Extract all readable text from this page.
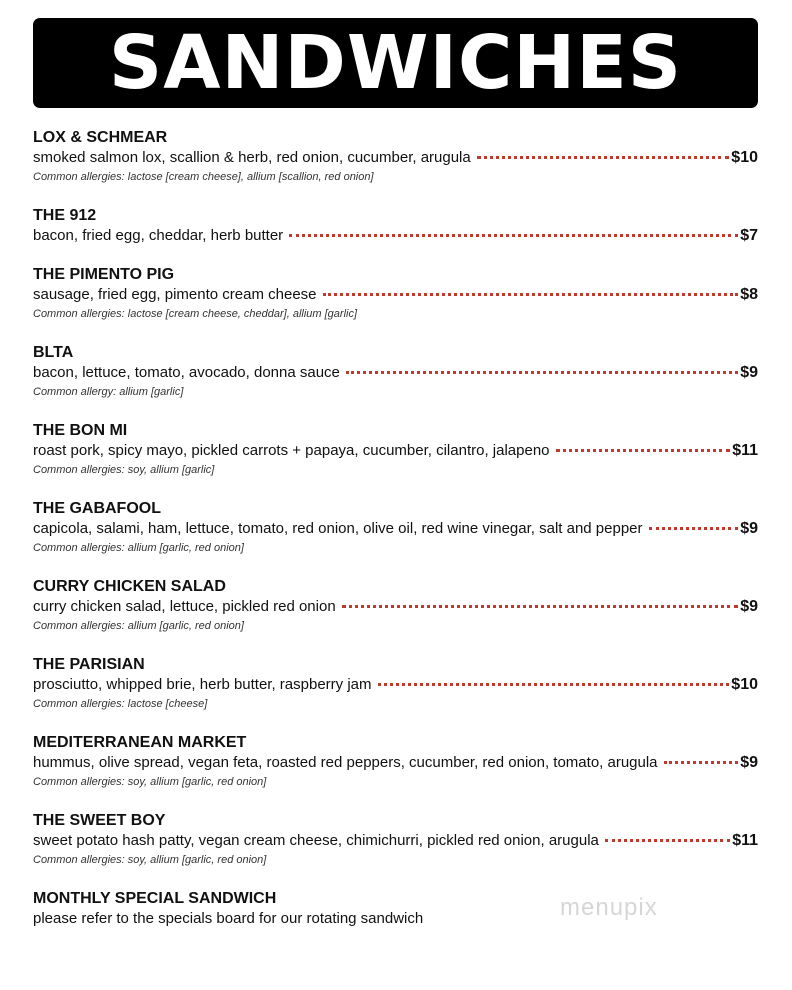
SANDWICHES
LOX & SCHMEAR
smoked salmon lox, scallion & herb, red onion, cucumber, arugula	$10
Common allergies: lactose [cream cheese], allium [scallion, red onion]
THE 912
bacon, fried egg, cheddar, herb butter	$7
THE PIMENTO PIG
sausage, fried egg, pimento cream cheese	$8
Common allergies: lactose [cream cheese, cheddar], allium [garlic]
BLTA
bacon, lettuce, tomato, avocado, donna sauce	$9
Common allergy: allium [garlic]
THE BON MI
roast pork, spicy mayo, pickled carrots + papaya, cucumber, cilantro, jalapeno	$11
Common allergies: soy, allium [garlic]
THE GABAFOOL
capicola, salami, ham, lettuce, tomato, red onion, olive oil, red wine vinegar, salt and pepper	$9
Common allergies: allium [garlic, red onion]
CURRY CHICKEN SALAD
curry chicken salad, lettuce, pickled red onion	$9
Common allergies: allium [garlic, red onion]
THE PARISIAN
prosciutto, whipped brie, herb butter, raspberry jam	$10
Common allergies: lactose [cheese]
MEDITERRANEAN MARKET
hummus, olive spread, vegan feta, roasted red peppers, cucumber, red onion, tomato, arugula	$9
Common allergies: soy, allium [garlic, red onion]
THE SWEET BOY
sweet potato hash patty, vegan cream cheese, chimichurri, pickled red onion, arugula	$11
Common allergies: soy, allium [garlic, red onion]
MONTHLY SPECIAL SANDWICH
please refer to the specials board for our rotating sandwich	menupix
